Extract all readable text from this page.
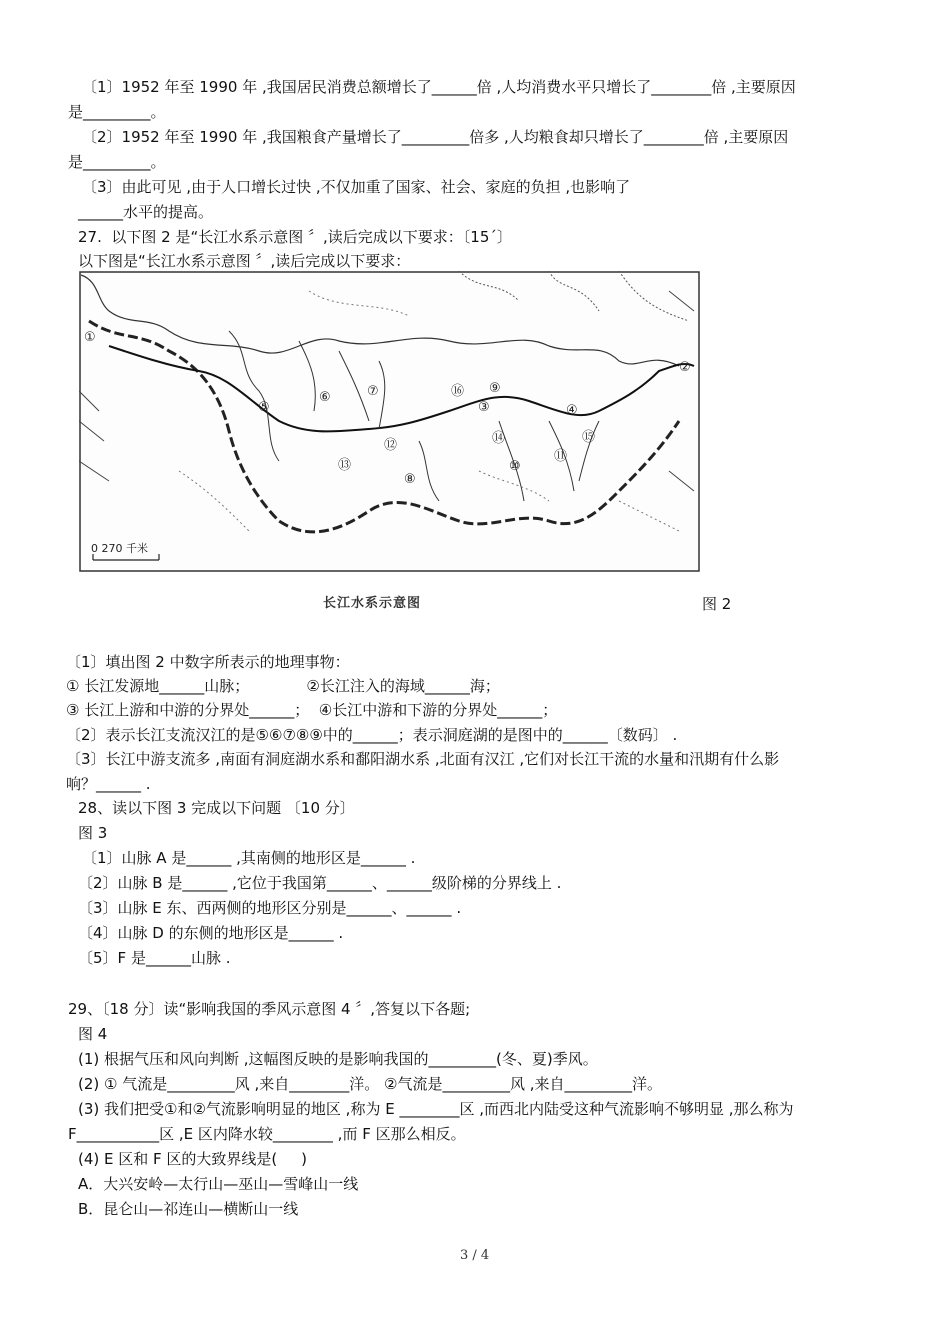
〔1〕1952 年至 1990 年 ,我国居民消费总额增长了______倍 ,人均消费水平只增长了________倍 ,主要原因
是_________。
〔2〕1952 年至 1990 年 ,我国粮食产量增长了_________倍多 ,人均粮食却只增长了________倍 ,主要原因
是_________。
〔3〕由此可见 ,由于人口增长过快 ,不仅加重了国家、社会、家庭的负担 ,也影响了
______水平的提高。
27.  以下图 2 是“长江水系示意图 〞,读后完成以下要求：〔15´〕
以下图是“长江水系示意图 〞,读后完成以下要求：
0 270 千米
①
②
③	④
⑤
⑥	⑦
⑧
⑨
⑩
⑪
⑫
⑬
⑭	⑮
⑯
长江水系示意图	图 2
〔1〕填出图 2 中数字所表示的地理事物：
① 长江发源地______山脉；            ②长江注入的海域______海；
③ 长江上游和中游的分界处______；  ④长江中游和下游的分界处______；
〔2〕表示长江支流汉江的是⑤⑥⑦⑧⑨中的______；表示洞庭湖的是图中的______〔数码〕 .
〔3〕长江中游支流多 ,南面有洞庭湖水系和鄱阳湖水系 ,北面有汉江 ,它们对长江干流的水量和汛期有什么影
响？______ .
28、读以下图 3 完成以下问题 〔10 分〕
图 3
〔1〕山脉 A 是______ ,其南侧的地形区是______ .
〔2〕山脉 B 是______ ,它位于我国第______、______级阶梯的分界线上 .
〔3〕山脉 E 东、西两侧的地形区分别是______、______ .
〔4〕山脉 D 的东侧的地形区是______ .
〔5〕F 是______山脉 .
29、〔18 分〕读“影响我国的季风示意图 4 〞,答复以下各题;
图 4
(1) 根据气压和风向判断 ,这幅图反映的是影响我国的_________(冬、夏)季风。
(2) ① 气流是_________风 ,来自________洋。 ②气流是_________风 ,来自_________洋。
(3) 我们把受①和②气流影响明显的地区 ,称为 E ________区 ,而西北内陆受这种气流影响不够明显 ,那么称为
F___________区 ,E 区内降水较________ ,而 F 区那么相反。
(4) E 区和 F 区的大致界线是(     )
A．大兴安岭—太行山—巫山—雪峰山一线
B．昆仑山—祁连山—横断山一线
3 / 4
